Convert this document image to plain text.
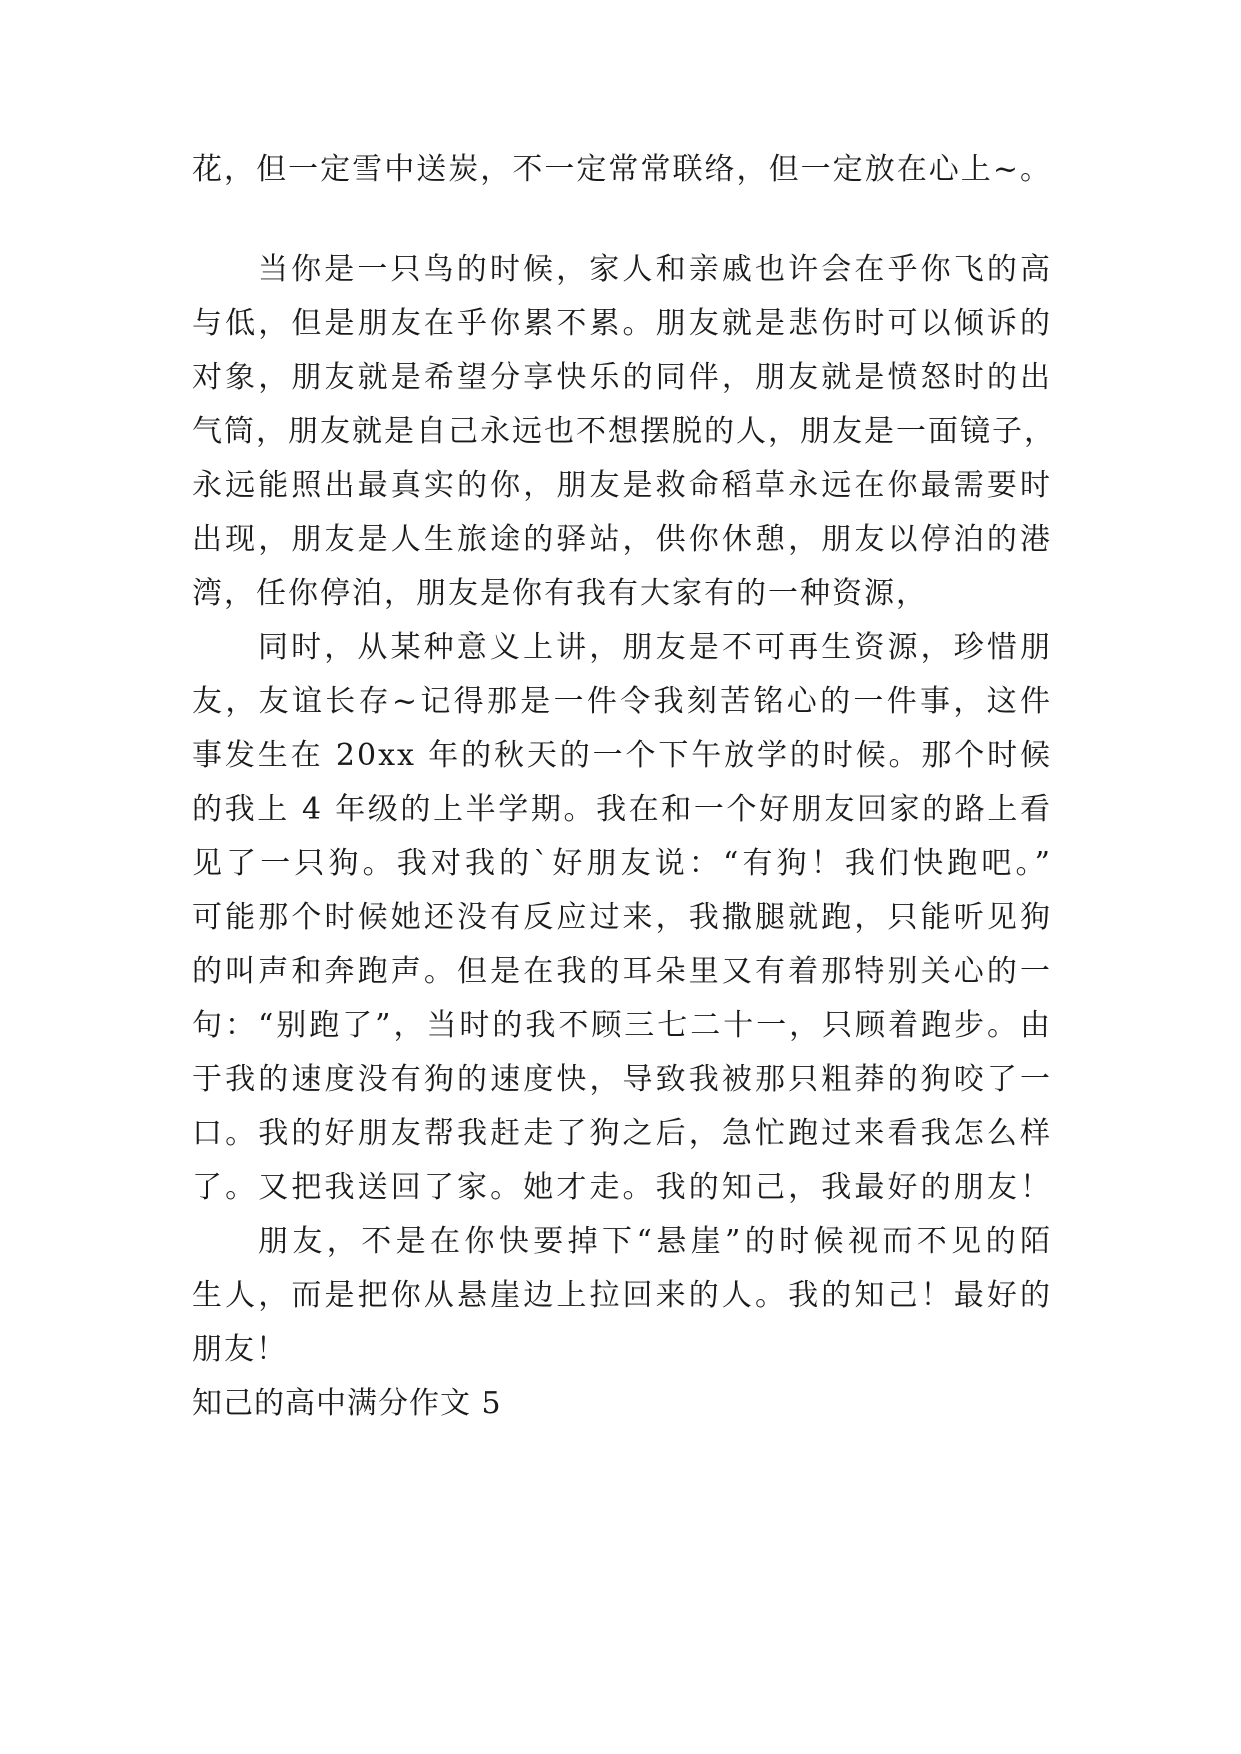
花，但一定雪中送炭，不一定常常联络，但一定放在心上~。
当你是一只鸟的时候，家人和亲戚也许会在乎你飞的高
与低，但是朋友在乎你累不累。朋友就是悲伤时可以倾诉的
对象，朋友就是希望分享快乐的同伴，朋友就是愤怒时的出
气筒，朋友就是自己永远也不想摆脱的人，朋友是一面镜子，
永远能照出最真实的你，朋友是救命稻草永远在你最需要时
出现，朋友是人生旅途的驿站，供你休憩，朋友以停泊的港
湾，任你停泊，朋友是你有我有大家有的一种资源，
同时，从某种意义上讲，朋友是不可再生资源，珍惜朋
友，友谊长存~记得那是一件令我刻苦铭心的一件事，这件
事发生在 20xx 年的秋天的一个下午放学的时候。那个时候
的我上 4 年级的上半学期。我在和一个好朋友回家的路上看
见了一只狗。我对我的`好朋友说：“有狗！我们快跑吧。”
可能那个时候她还没有反应过来，我撒腿就跑，只能听见狗
的叫声和奔跑声。但是在我的耳朵里又有着那特别关心的一
句：“别跑了”，当时的我不顾三七二十一，只顾着跑步。由
于我的速度没有狗的速度快，导致我被那只粗莽的狗咬了一
口。我的好朋友帮我赶走了狗之后，急忙跑过来看我怎么样
了。又把我送回了家。她才走。我的知己，我最好的朋友！
朋友，不是在你快要掉下“悬崖”的时候视而不见的陌
生人，而是把你从悬崖边上拉回来的人。我的知己！最好的
朋友！
知己的高中满分作文 5
